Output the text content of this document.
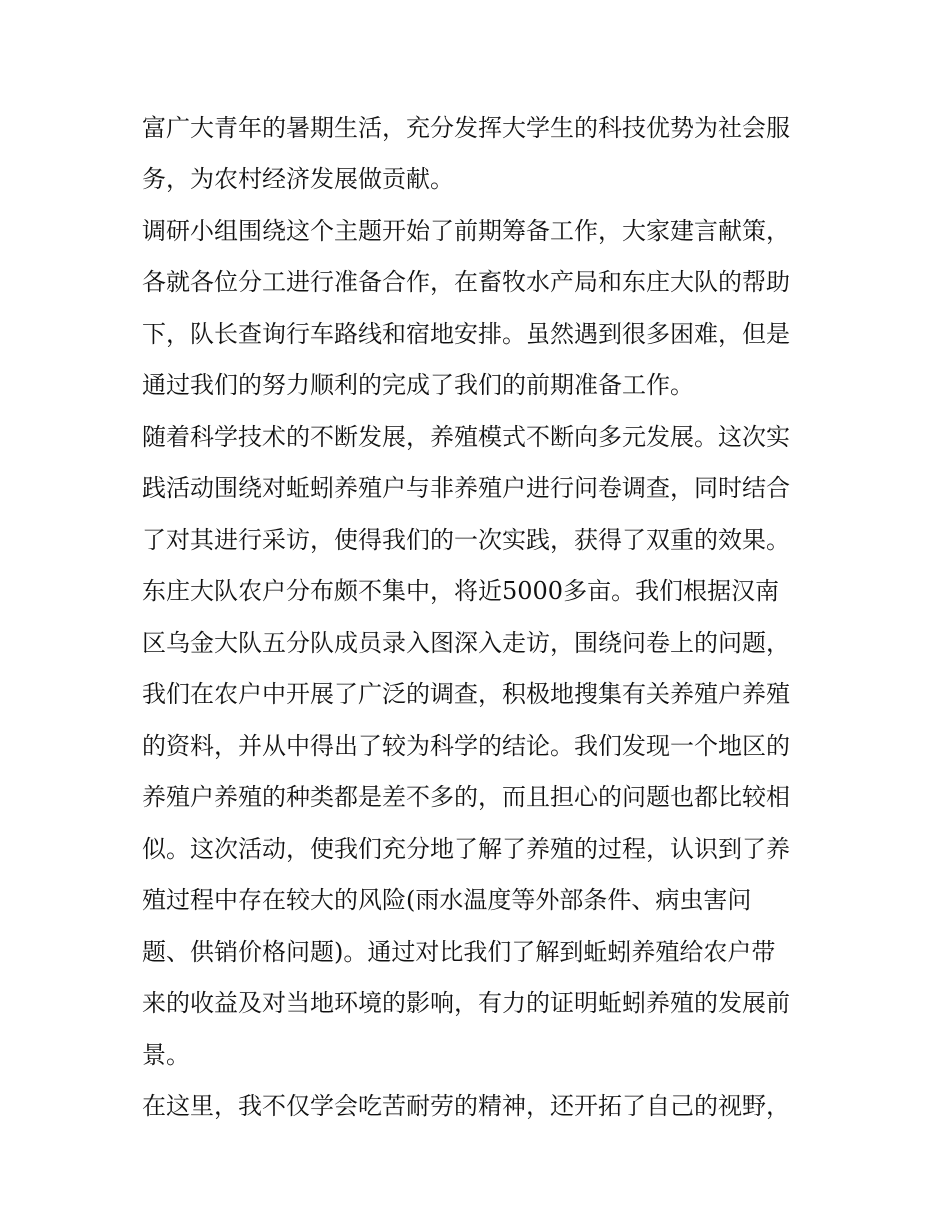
富广大青年的暑期生活，充分发挥大学生的科技优势为社会服
务，为农村经济发展做贡献。
调研小组围绕这个主题开始了前期筹备工作，大家建言献策，
各就各位分工进行准备合作，在畜牧水产局和东庄大队的帮助
下，队长查询行车路线和宿地安排。虽然遇到很多困难，但是
通过我们的努力顺利的完成了我们的前期准备工作。
随着科学技术的不断发展，养殖模式不断向多元发展。这次实
践活动围绕对蚯蚓养殖户与非养殖户进行问卷调查，同时结合
了对其进行采访，使得我们的一次实践，获得了双重的效果。
东庄大队农户分布颇不集中，将近5000多亩。我们根据汉南
区乌金大队五分队成员录入图深入走访，围绕问卷上的问题，
我们在农户中开展了广泛的调查，积极地搜集有关养殖户养殖
的资料，并从中得出了较为科学的结论。我们发现一个地区的
养殖户养殖的种类都是差不多的，而且担心的问题也都比较相
似。这次活动，使我们充分地了解了养殖的过程，认识到了养
殖过程中存在较大的风险(雨水温度等外部条件、病虫害问
题、供销价格问题)。通过对比我们了解到蚯蚓养殖给农户带
来的收益及对当地环境的影响，有力的证明蚯蚓养殖的发展前
景。
在这里，我不仅学会吃苦耐劳的精神，还开拓了自己的视野，
